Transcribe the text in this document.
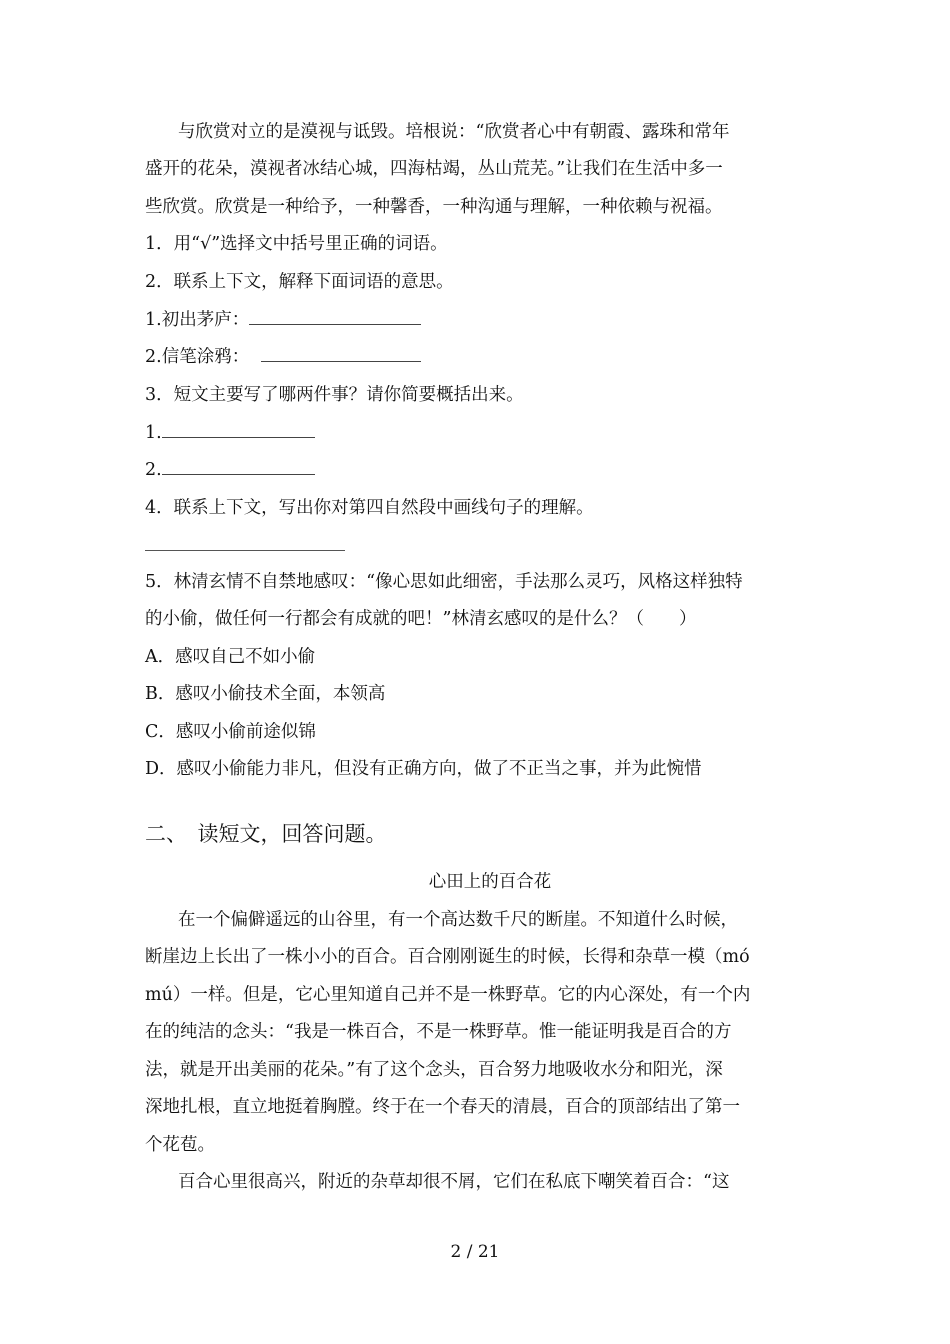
与欣赏对立的是漠视与诋毁。培根说：“欣赏者心中有朝霞、露珠和常年
盛开的花朵，漠视者冰结心城，四海枯竭，丛山荒芜。”让我们在生活中多一
些欣赏。欣赏是一种给予，一种馨香，一种沟通与理解，一种依赖与祝福。
1．用“√”选择文中括号里正确的词语。
2．联系上下文，解释下面词语的意思。
1.初出茅庐：
2.信笔涂鸦：
3．短文主要写了哪两件事？请你简要概括出来。
1.
2.
4．联系上下文，写出你对第四自然段中画线句子的理解。
5．林清玄情不自禁地感叹：“像心思如此细密，手法那么灵巧，风格这样独特
的小偷，做任何一行都会有成就的吧！”林清玄感叹的是什么？（　　）
A．感叹自己不如小偷
B．感叹小偷技术全面，本领高
C．感叹小偷前途似锦
D．感叹小偷能力非凡，但没有正确方向，做了不正当之事，并为此惋惜
二、　读短文，回答问题。
心田上的百合花
在一个偏僻遥远的山谷里，有一个高达数千尺的断崖。不知道什么时候，
断崖边上长出了一株小小的百合。百合刚刚诞生的时候，长得和杂草一模（mó
mú）一样。但是，它心里知道自己并不是一株野草。它的内心深处，有一个内
在的纯洁的念头：“我是一株百合，不是一株野草。惟一能证明我是百合的方
法，就是开出美丽的花朵。”有了这个念头，百合努力地吸收水分和阳光，深
深地扎根，直立地挺着胸膛。终于在一个春天的清晨，百合的顶部结出了第一
个花苞。
百合心里很高兴，附近的杂草却很不屑，它们在私底下嘲笑着百合：“这
2 / 21
